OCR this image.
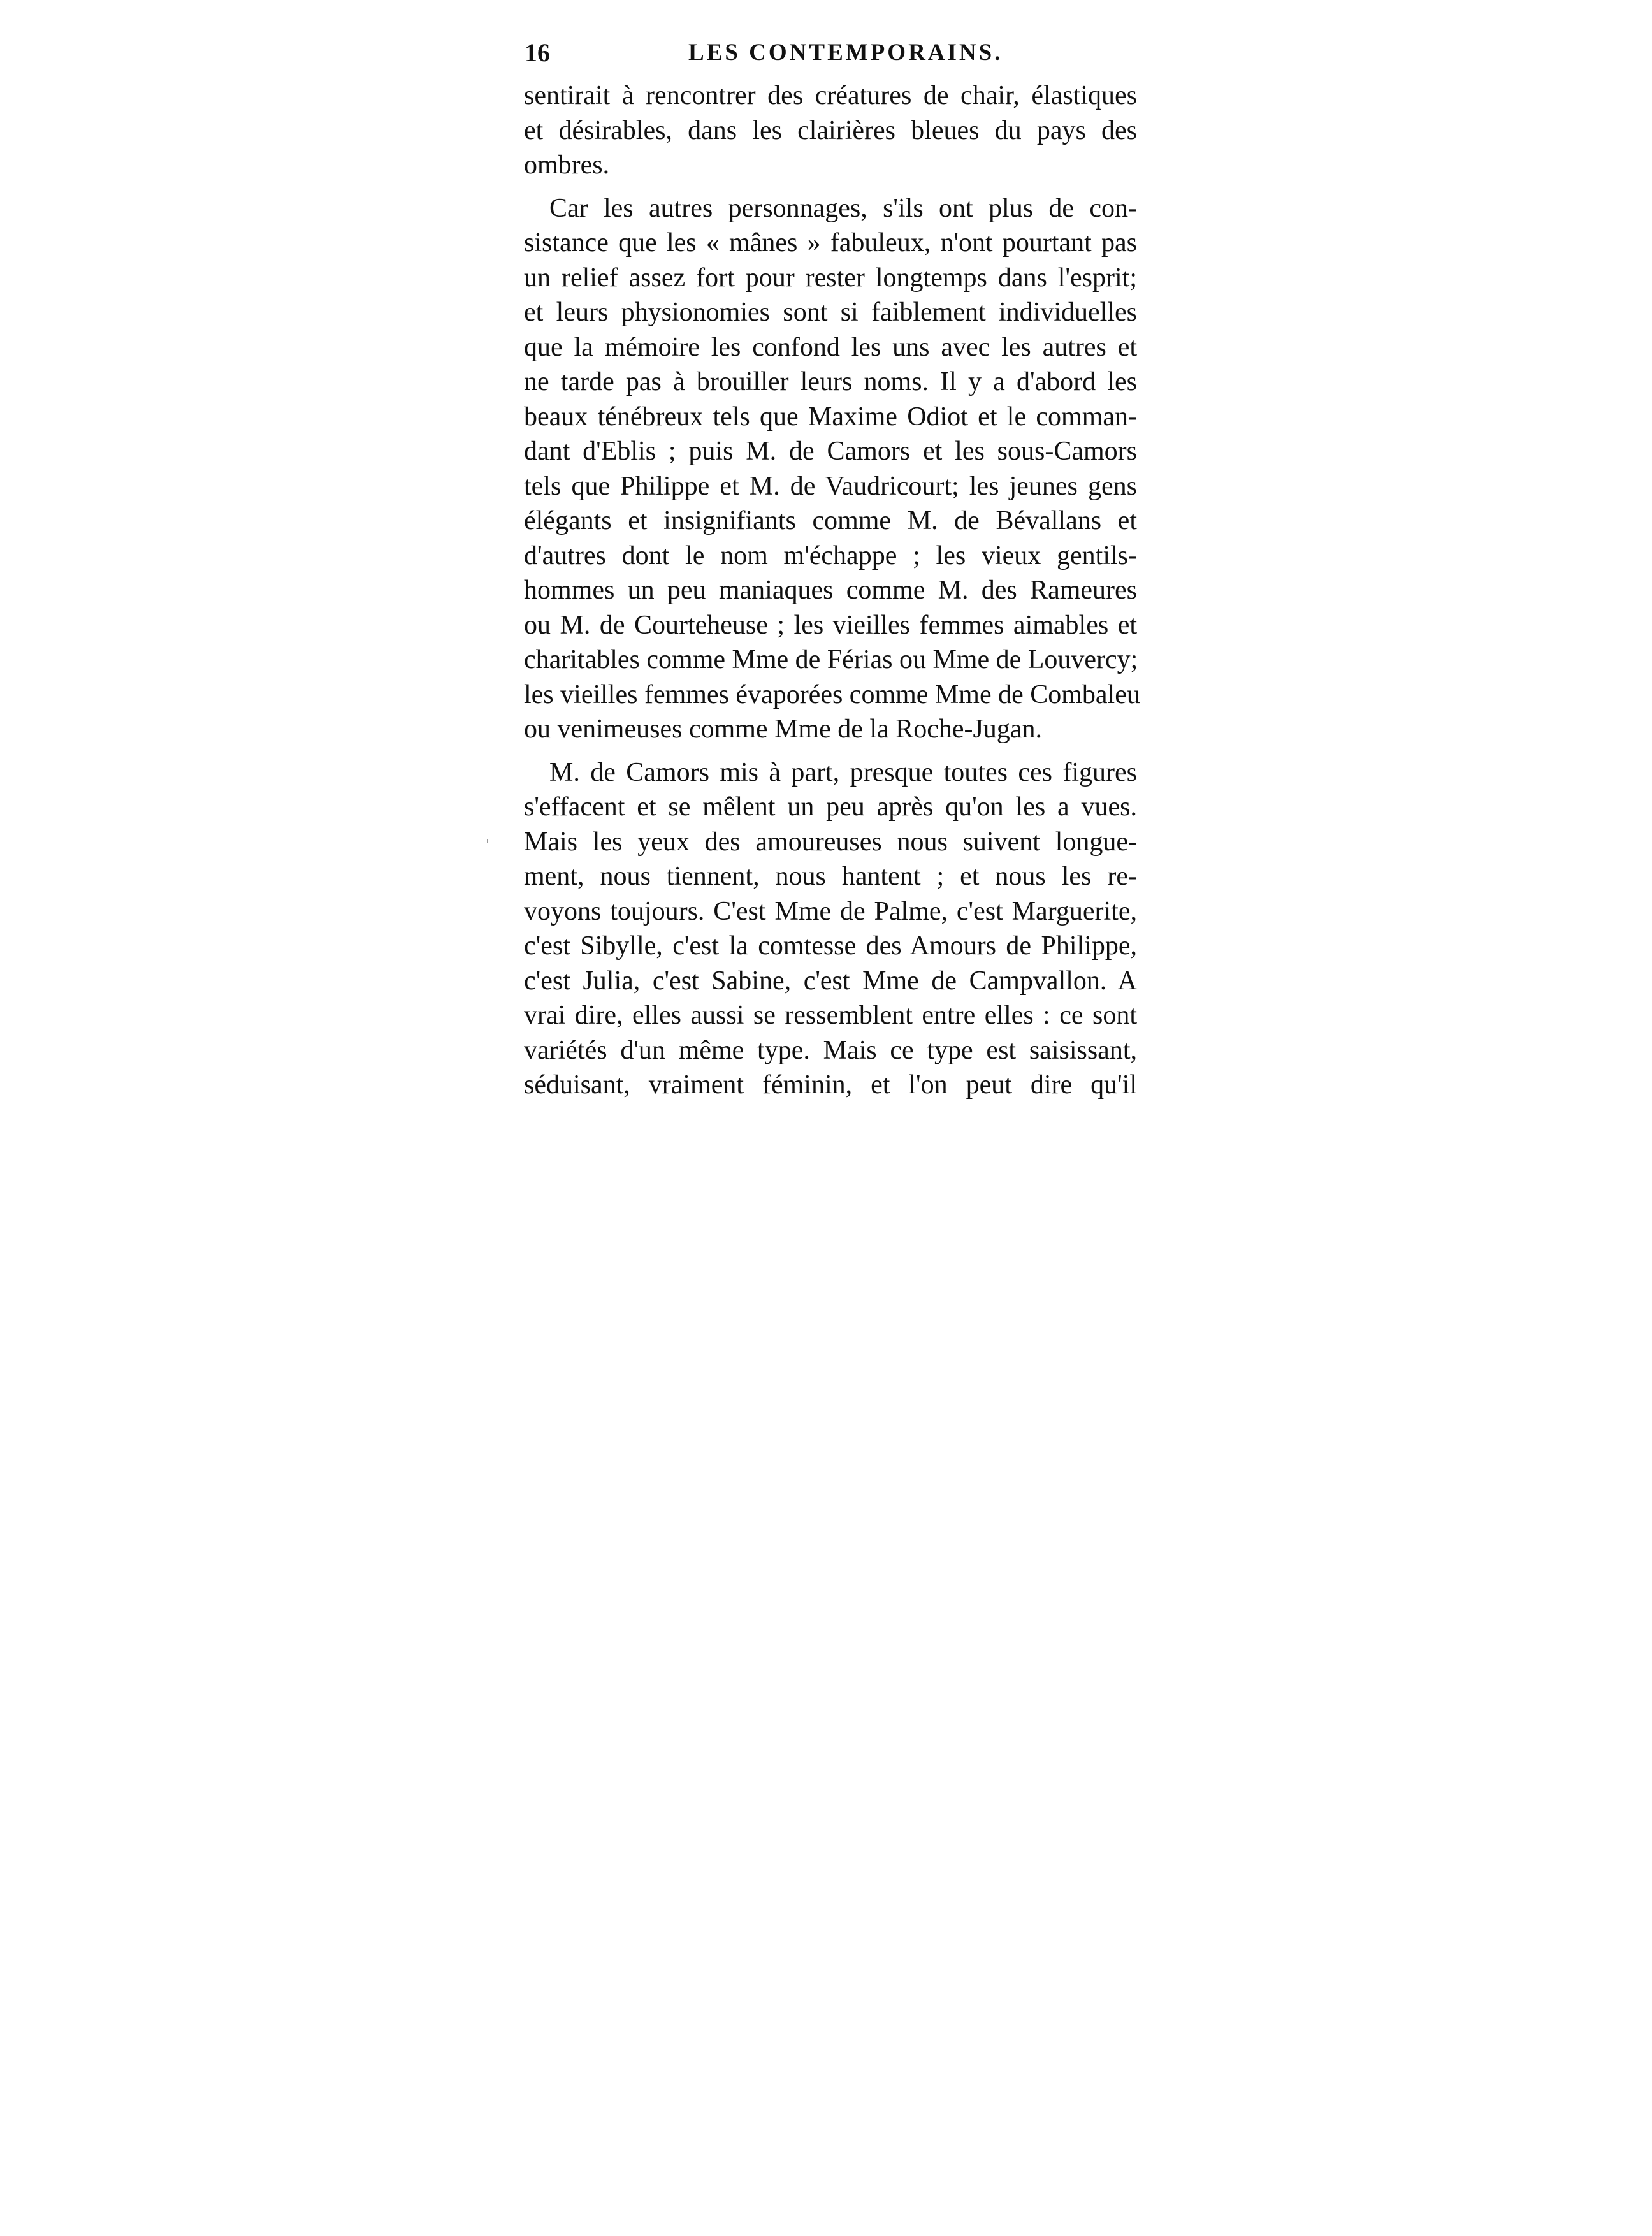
16	LES CONTEMPORAINS.

sentirait à rencontrer des créatures de chair, élastiques
et désirables, dans les clairières bleues du pays des
ombres.

Car les autres personnages, s'ils ont plus de con-
sistance que les « mânes » fabuleux, n'ont pourtant pas
un relief assez fort pour rester longtemps dans l'esprit;
et leurs physionomies sont si faiblement individuelles
que la mémoire les confond les uns avec les autres et
ne tarde pas à brouiller leurs noms. Il y a d'abord les
beaux ténébreux tels que Maxime Odiot et le comman-
dant d'Eblis ; puis M. de Camors et les sous-Camors
tels que Philippe et M. de Vaudricourt; les jeunes gens
élégants et insignifiants comme M. de Bévallans et
d'autres dont le nom m'échappe ; les vieux gentils-
hommes un peu maniaques comme M. des Rameures
ou M. de Courteheuse ; les vieilles femmes aimables et
charitables comme Mme de Férias ou Mme de Louvercy;
les vieilles femmes évaporées comme Mme de Combaleu
ou venimeuses comme Mme de la Roche-Jugan.

M. de Camors mis à part, presque toutes ces figures
s'effacent et se mêlent un peu après qu'on les a vues.
Mais les yeux des amoureuses nous suivent longue-
ment, nous tiennent, nous hantent ; et nous les re-
voyons toujours. C'est Mme de Palme, c'est Marguerite,
c'est Sibylle, c'est la comtesse des Amours de Philippe,
c'est Julia, c'est Sabine, c'est Mme de Campvallon. A
vrai dire, elles aussi se ressemblent entre elles : ce sont
variétés d'un même type. Mais ce type est saisissant,
séduisant, vraiment féminin, et l'on peut dire qu'il
